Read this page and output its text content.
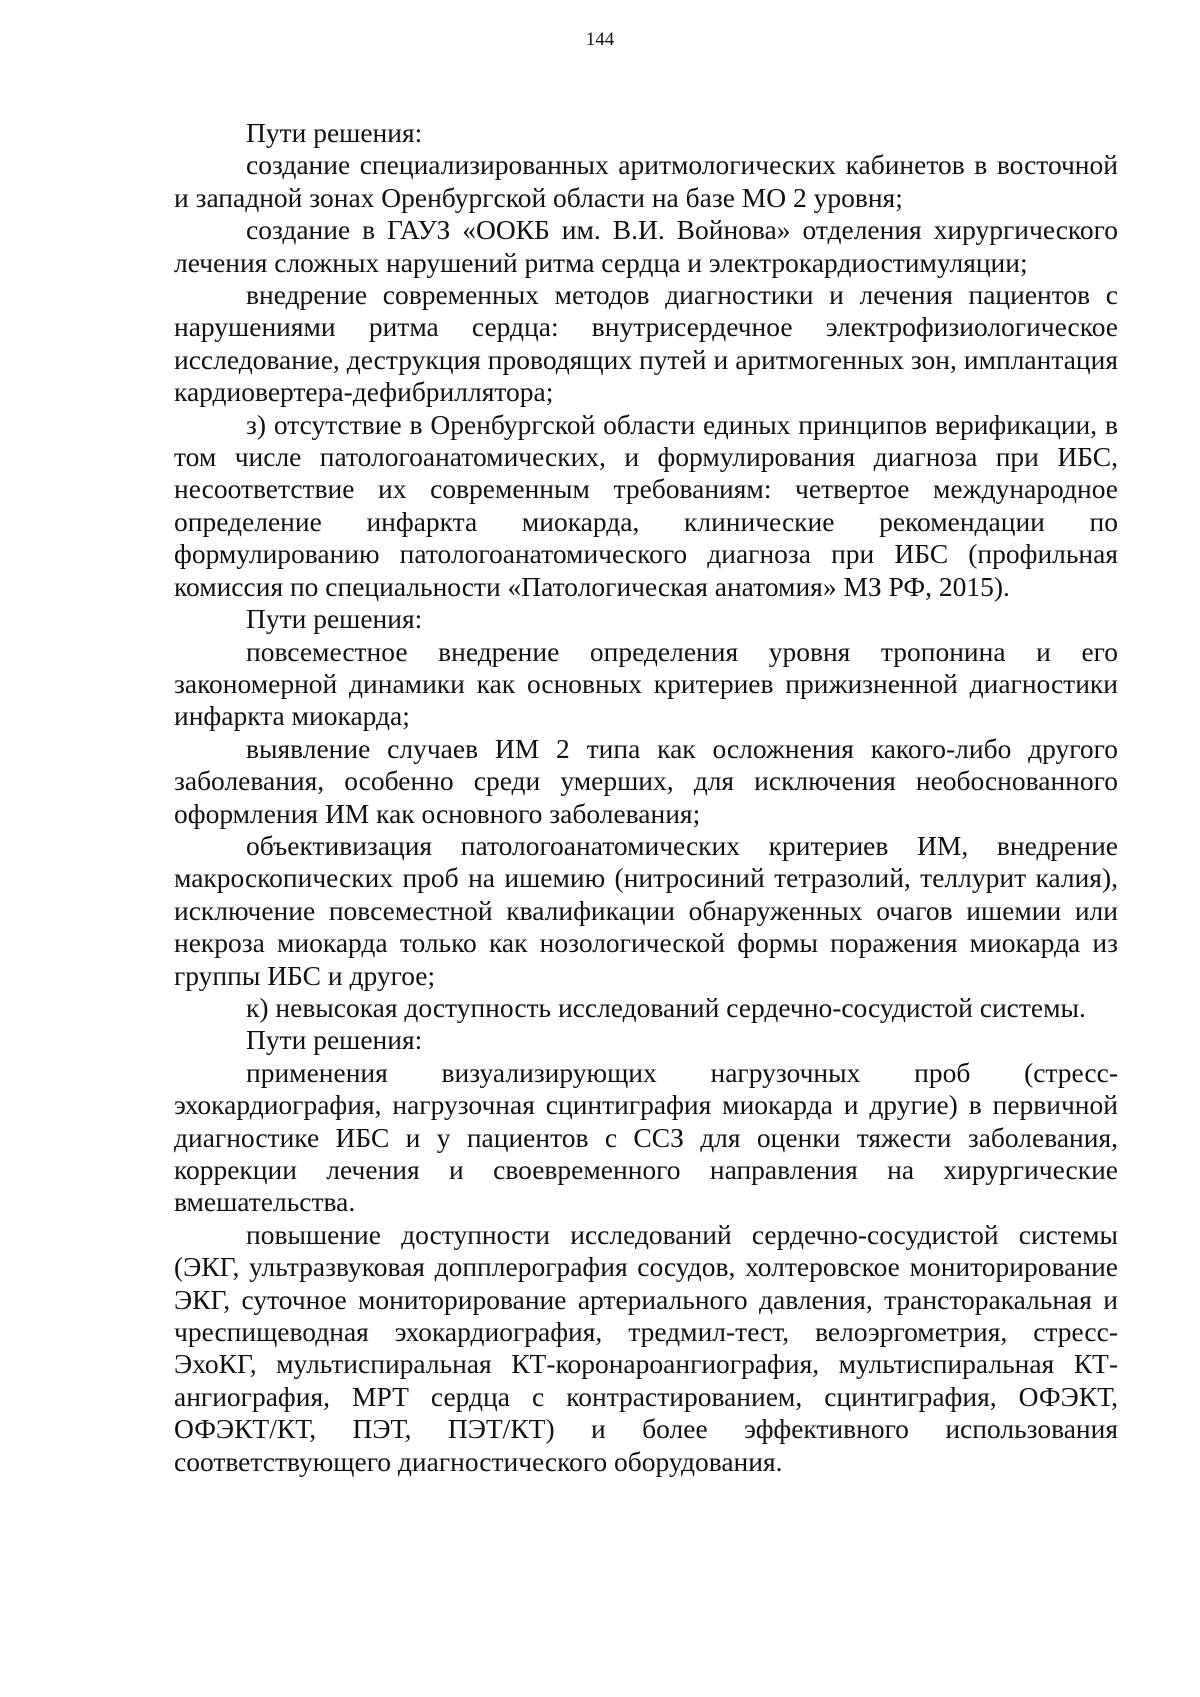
144

Пути решения:

создание специализированных аритмологических кабинетов в восточной и западной зонах Оренбургской области на базе МО 2 уровня;

создание в ГАУЗ «ООКБ им. В.И. Войнова» отделения хирургического лечения сложных нарушений ритма сердца и электрокардиостимуляции;

внедрение современных методов диагностики и лечения пациентов с нарушениями ритма сердца: внутрисердечное электрофизиологическое исследование, деструкция проводящих путей и аритмогенных зон, имплантация кардиовертера-дефибриллятора;

з) отсутствие в Оренбургской области единых принципов верификации, в том числе патологоанатомических, и формулирования диагноза при ИБС, несоответствие их современным требованиям: четвертое международное определение инфаркта миокарда, клинические рекомендации по формулированию патологоанатомического диагноза при ИБС (профильная комиссия по специальности «Патологическая анатомия» МЗ РФ, 2015).

Пути решения:

повсеместное внедрение определения уровня тропонина и его закономерной динамики как основных критериев прижизненной диагностики инфаркта миокарда;

выявление случаев ИМ 2 типа как осложнения какого-либо другого заболевания, особенно среди умерших, для исключения необоснованного оформления ИМ как основного заболевания;

объективизация патологоанатомических критериев ИМ, внедрение макроскопических проб на ишемию (нитросиний тетразолий, теллурит калия), исключение повсеместной квалификации обнаруженных очагов ишемии или некроза миокарда только как нозологической формы поражения миокарда из группы ИБС и другое;

к) невысокая доступность исследований сердечно-сосудистой системы.

Пути решения:

применения визуализирующих нагрузочных проб (стресс-эхокардиография, нагрузочная сцинтиграфия миокарда и другие) в первичной диагностике ИБС и у пациентов с ССЗ для оценки тяжести заболевания, коррекции лечения и своевременного направления на хирургические вмешательства.

повышение доступности исследований сердечно-сосудистой системы (ЭКГ, ультразвуковая допплерография сосудов, холтеровское мониторирование ЭКГ, суточное мониторирование артериального давления, трансторакальная и чреспищеводная эхокардиография, тредмил-тест, велоэргометрия, стресс-ЭхоКГ, мультиспиральная КТ-коронароангиография, мультиспиральная КТ-ангиография, МРТ сердца с контрастированием, сцинтиграфия, ОФЭКТ, ОФЭКТ/КТ, ПЭТ, ПЭТ/КТ) и более эффективного использования соответствующего диагностического оборудования.
